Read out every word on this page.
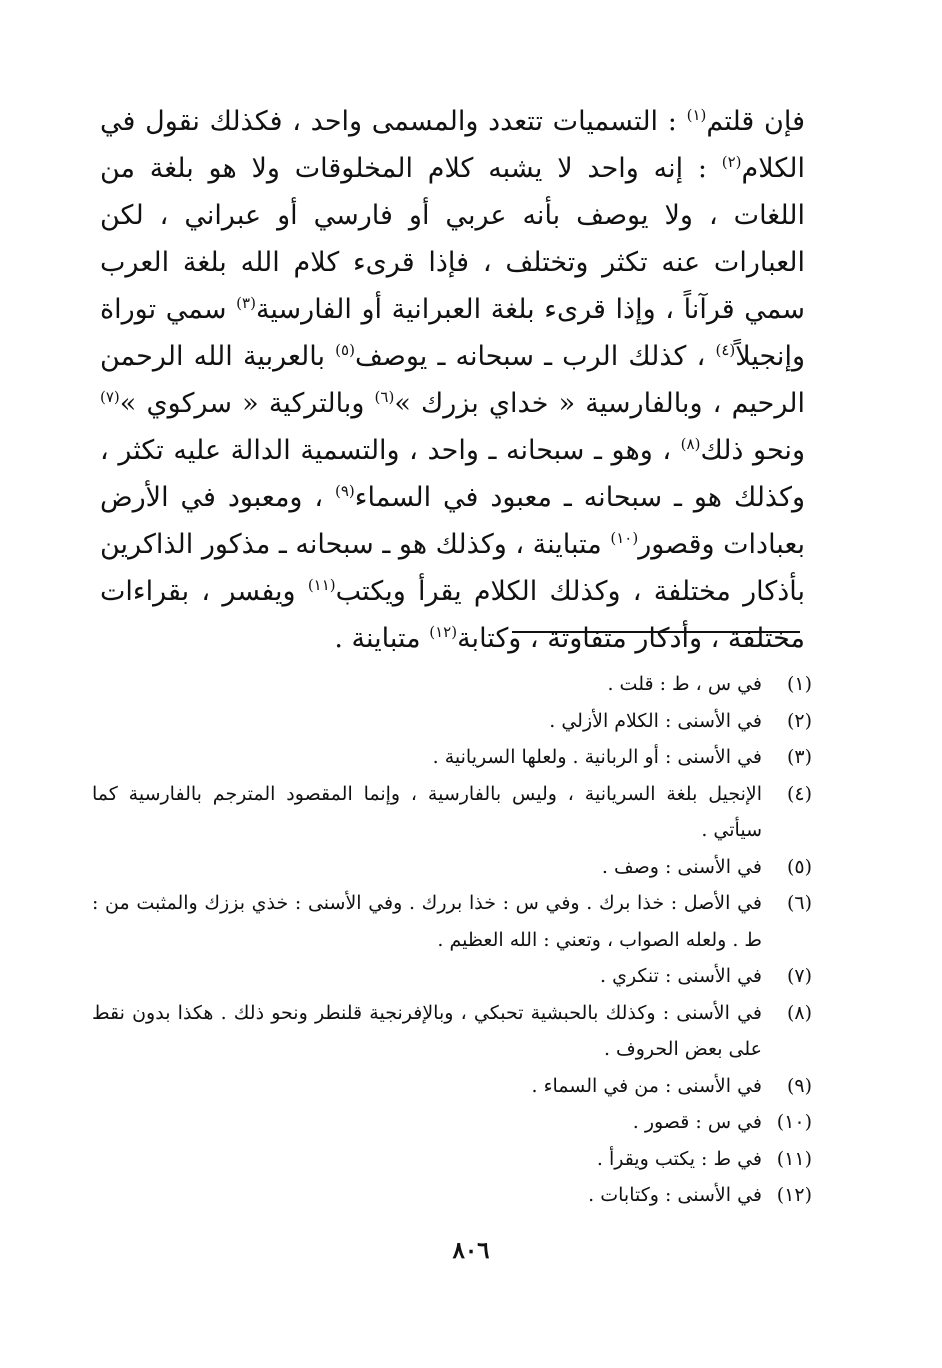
فإن قلتم$^{(١)}$ : التسميات تتعدد والمسمى واحد ، فكذلك نقول في الكلام$^{(٢)}$ : إنه واحد لا يشبه كلام المخلوقات ولا هو بلغة من اللغات ، ولا يوصف بأنه عربي أو فارسي أو عبراني ، لكن العبارات عنه تكثر وتختلف ، فإذا قرىء كلام الله بلغة العرب سمي قرآناً ، وإذا قرىء بلغة العبرانية أو الفارسية$^{(٣)}$ سمي توراة وإنجيلاً$^{(٤)}$ ، كذلك الرب ـ سبحانه ـ يوصف$^{(٥)}$ بالعربية الله الرحمن الرحيم ، وبالفارسية « خداي بزرك »$^{(٦)}$ وبالتركية « سركوي »$^{(٧)}$ ونحو ذلك$^{(٨)}$ ، وهو ـ سبحانه ـ واحد ، والتسمية الدالة عليه تكثر ، وكذلك هو ـ سبحانه ـ معبود في السماء$^{(٩)}$ ، ومعبود في الأرض بعبادات وقصور$^{(١٠)}$ متباينة ، وكذلك هو ـ سبحانه ـ مذكور الذاكرين بأذكار مختلفة ، وكذلك الكلام يقرأ ويكتب$^{(١١)}$ ويفسر ، بقراءات مختلفة ، وأذكار متفاوتة ، وكتابة$^{(١٢)}$ متباينة .

(١)
في س ، ط : قلت .
(٢)
في الأسنى : الكلام الأزلي .
(٣)
في الأسنى : أو الربانية . ولعلها السريانية .
(٤)
الإنجيل بلغة السريانية ، وليس بالفارسية ، وإنما المقصود المترجم بالفارسية كما سيأتي .
(٥)
في الأسنى : وصف .
(٦)
في الأصل : خذا برك . وفي س : خذا بررك . وفي الأسنى : خذي بززك والمثبت من : ط . ولعله الصواب ، وتعني : الله العظيم .
(٧)
في الأسنى : تنكري .
(٨)
في الأسنى : وكذلك بالحبشية تحبكي ، وبالإفرنجية قلنطر ونحو ذلك . هكذا بدون نقط على بعض الحروف .
(٩)
في الأسنى : من في السماء .
(١٠)
في س : قصور .
(١١)
في ط : يكتب ويقرأ .
(١٢)
في الأسنى : وكتابات .
٨٠٦
